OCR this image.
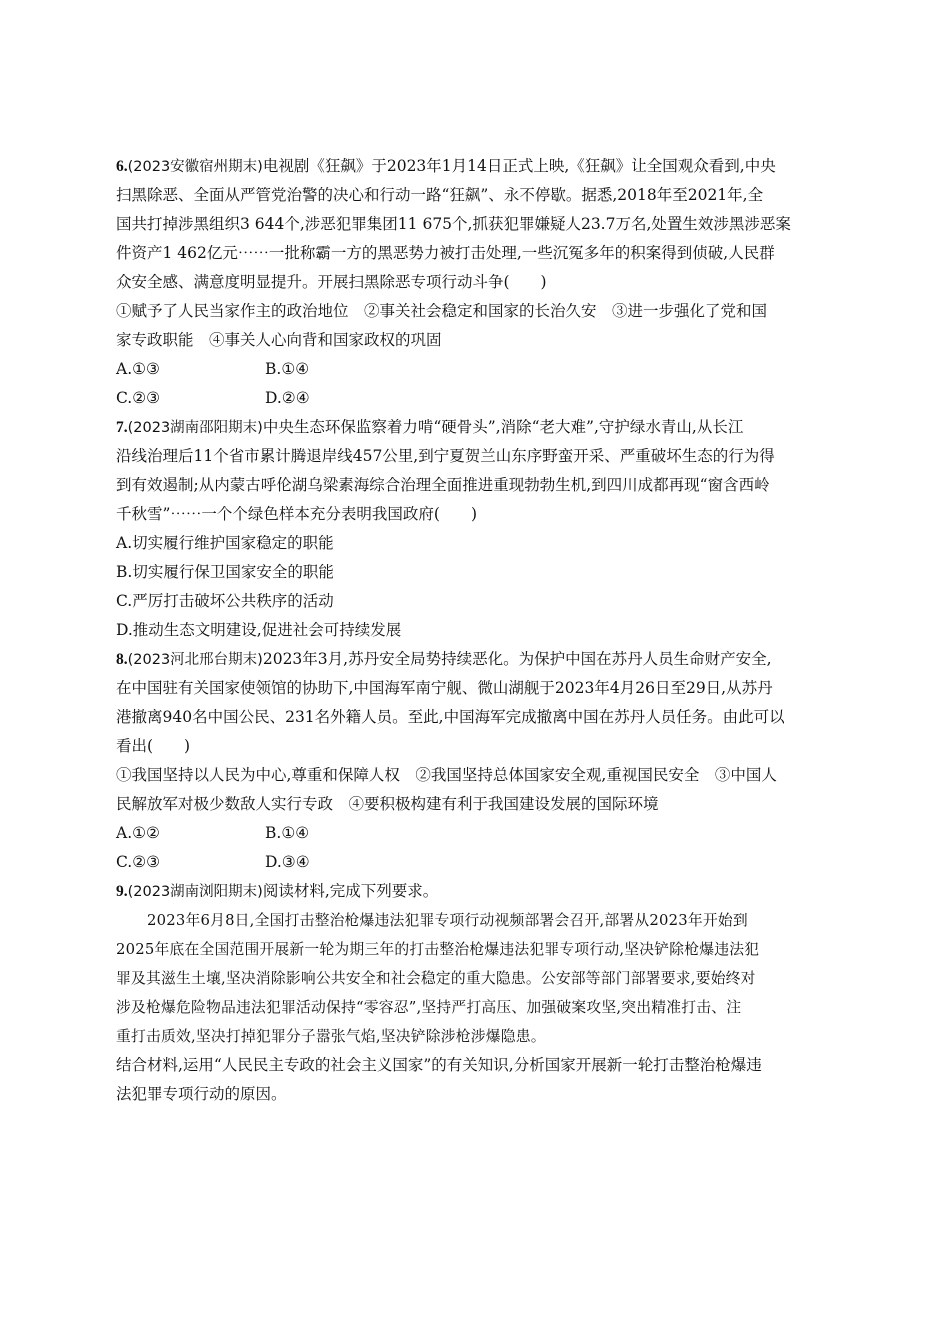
6.(2023安徽宿州期末)电视剧《狂飙》于2023年1月14日正式上映,《狂飙》让全国观众看到,中央
扫黑除恶、全面从严管党治警的决心和行动一路“狂飙”、永不停歇。据悉,2018年至2021年,全
国共打掉涉黑组织3 644个,涉恶犯罪集团11 675个,抓获犯罪嫌疑人23.7万名,处置生效涉黑涉恶案
件资产1 462亿元⋯⋯一批称霸一方的黑恶势力被打击处理,一些沉冤多年的积案得到侦破,人民群
众安全感、满意度明显提升。开展扫黑除恶专项行动斗争(　　)
①赋予了人民当家作主的政治地位　②事关社会稳定和国家的长治久安　③进一步强化了党和国
家专政职能　④事关人心向背和国家政权的巩固
A.①③	B.①④
C.②③	D.②④
7.(2023湖南邵阳期末)中央生态环保监察着力啃“硬骨头”,消除“老大难”,守护绿水青山,从长江
沿线治理后11个省市累计腾退岸线457公里,到宁夏贺兰山东序野蛮开采、严重破坏生态的行为得
到有效遏制;从内蒙古呼伦湖乌梁素海综合治理全面推进重现勃勃生机,到四川成都再现“窗含西岭
千秋雪”⋯⋯一个个绿色样本充分表明我国政府(　　)
A.切实履行维护国家稳定的职能
B.切实履行保卫国家安全的职能
C.严厉打击破坏公共秩序的活动
D.推动生态文明建设,促进社会可持续发展
8.(2023河北邢台期末)2023年3月,苏丹安全局势持续恶化。为保护中国在苏丹人员生命财产安全,
在中国驻有关国家使领馆的协助下,中国海军南宁舰、微山湖舰于2023年4月26日至29日,从苏丹
港撤离940名中国公民、231名外籍人员。至此,中国海军完成撤离中国在苏丹人员任务。由此可以
看出(　　)
①我国坚持以人民为中心,尊重和保障人权　②我国坚持总体国家安全观,重视国民安全　③中国人
民解放军对极少数敌人实行专政　④要积极构建有利于我国建设发展的国际环境
A.①②	B.①④
C.②③	D.③④
9.(2023湖南浏阳期末)阅读材料,完成下列要求。
2023年6月8日,全国打击整治枪爆违法犯罪专项行动视频部署会召开,部署从2023年开始到
2025年底在全国范围开展新一轮为期三年的打击整治枪爆违法犯罪专项行动,坚决铲除枪爆违法犯
罪及其滋生土壤,坚决消除影响公共安全和社会稳定的重大隐患。公安部等部门部署要求,要始终对
涉及枪爆危险物品违法犯罪活动保持“零容忍”,坚持严打高压、加强破案攻坚,突出精准打击、注
重打击质效,坚决打掉犯罪分子嚣张气焰,坚决铲除涉枪涉爆隐患。
结合材料,运用“人民民主专政的社会主义国家”的有关知识,分析国家开展新一轮打击整治枪爆违
法犯罪专项行动的原因。
